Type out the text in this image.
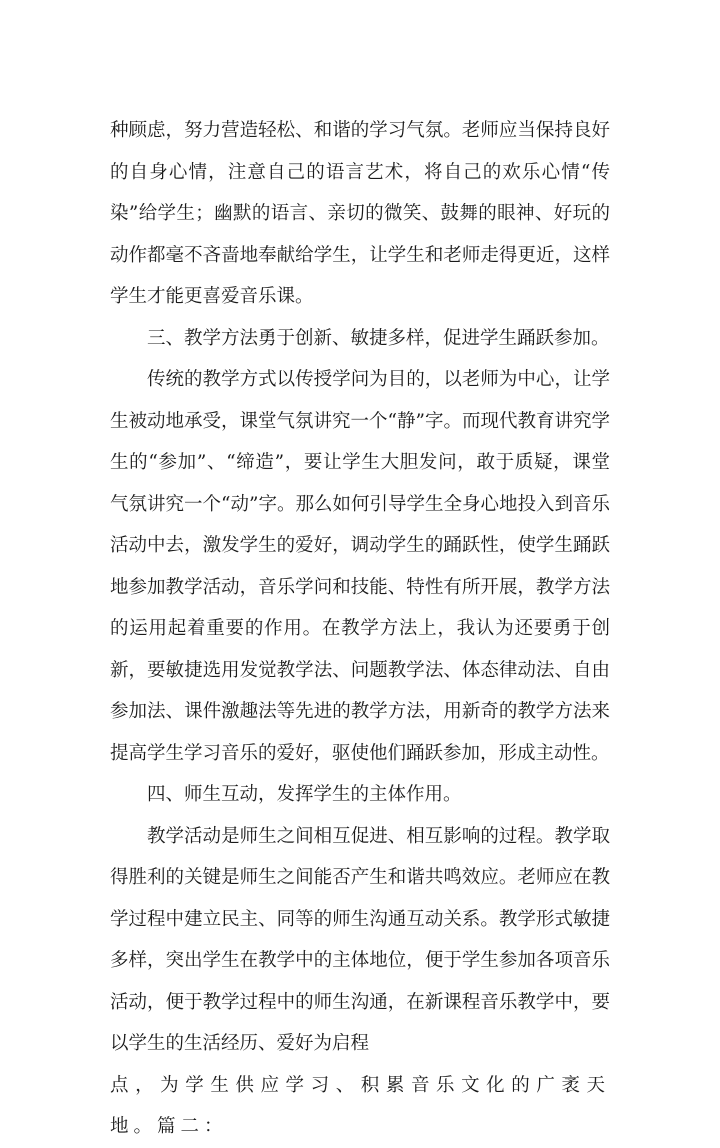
种顾虑，努力营造轻松、和谐的学习气氛。老师应当保持良好的自身心情，注意自己的语言艺术，将自己的欢乐心情“传染”给学生；幽默的语言、亲切的微笑、鼓舞的眼神、好玩的动作都毫不吝啬地奉献给学生，让学生和老师走得更近，这样学生才能更喜爱音乐课。

三、教学方法勇于创新、敏捷多样，促进学生踊跃参加。

传统的教学方式以传授学问为目的，以老师为中心，让学生被动地承受，课堂气氛讲究一个“静”字。而现代教育讲究学生的“参加”、“缔造”，要让学生大胆发问，敢于质疑，课堂气氛讲究一个“动”字。那么如何引导学生全身心地投入到音乐活动中去，激发学生的爱好，调动学生的踊跃性，使学生踊跃地参加教学活动，音乐学问和技能、特性有所开展，教学方法的运用起着重要的作用。在教学方法上，我认为还要勇于创新，要敏捷选用发觉教学法、问题教学法、体态律动法、自由参加法、课件激趣法等先进的教学方法，用新奇的教学方法来提高学生学习音乐的爱好，驱使他们踊跃参加，形成主动性。

四、师生互动，发挥学生的主体作用。

教学活动是师生之间相互促进、相互影响的过程。教学取得胜利的关键是师生之间能否产生和谐共鸣效应。老师应在教学过程中建立民主、同等的师生沟通互动关系。教学形式敏捷多样，突出学生在教学中的主体地位，便于学生参加各项音乐活动，便于教学过程中的师生沟通，在新课程音乐教学中，要以学生的生活经历、爱好为启程

点，为学生供应学习、积累音乐文化的广袤天地。篇二：
